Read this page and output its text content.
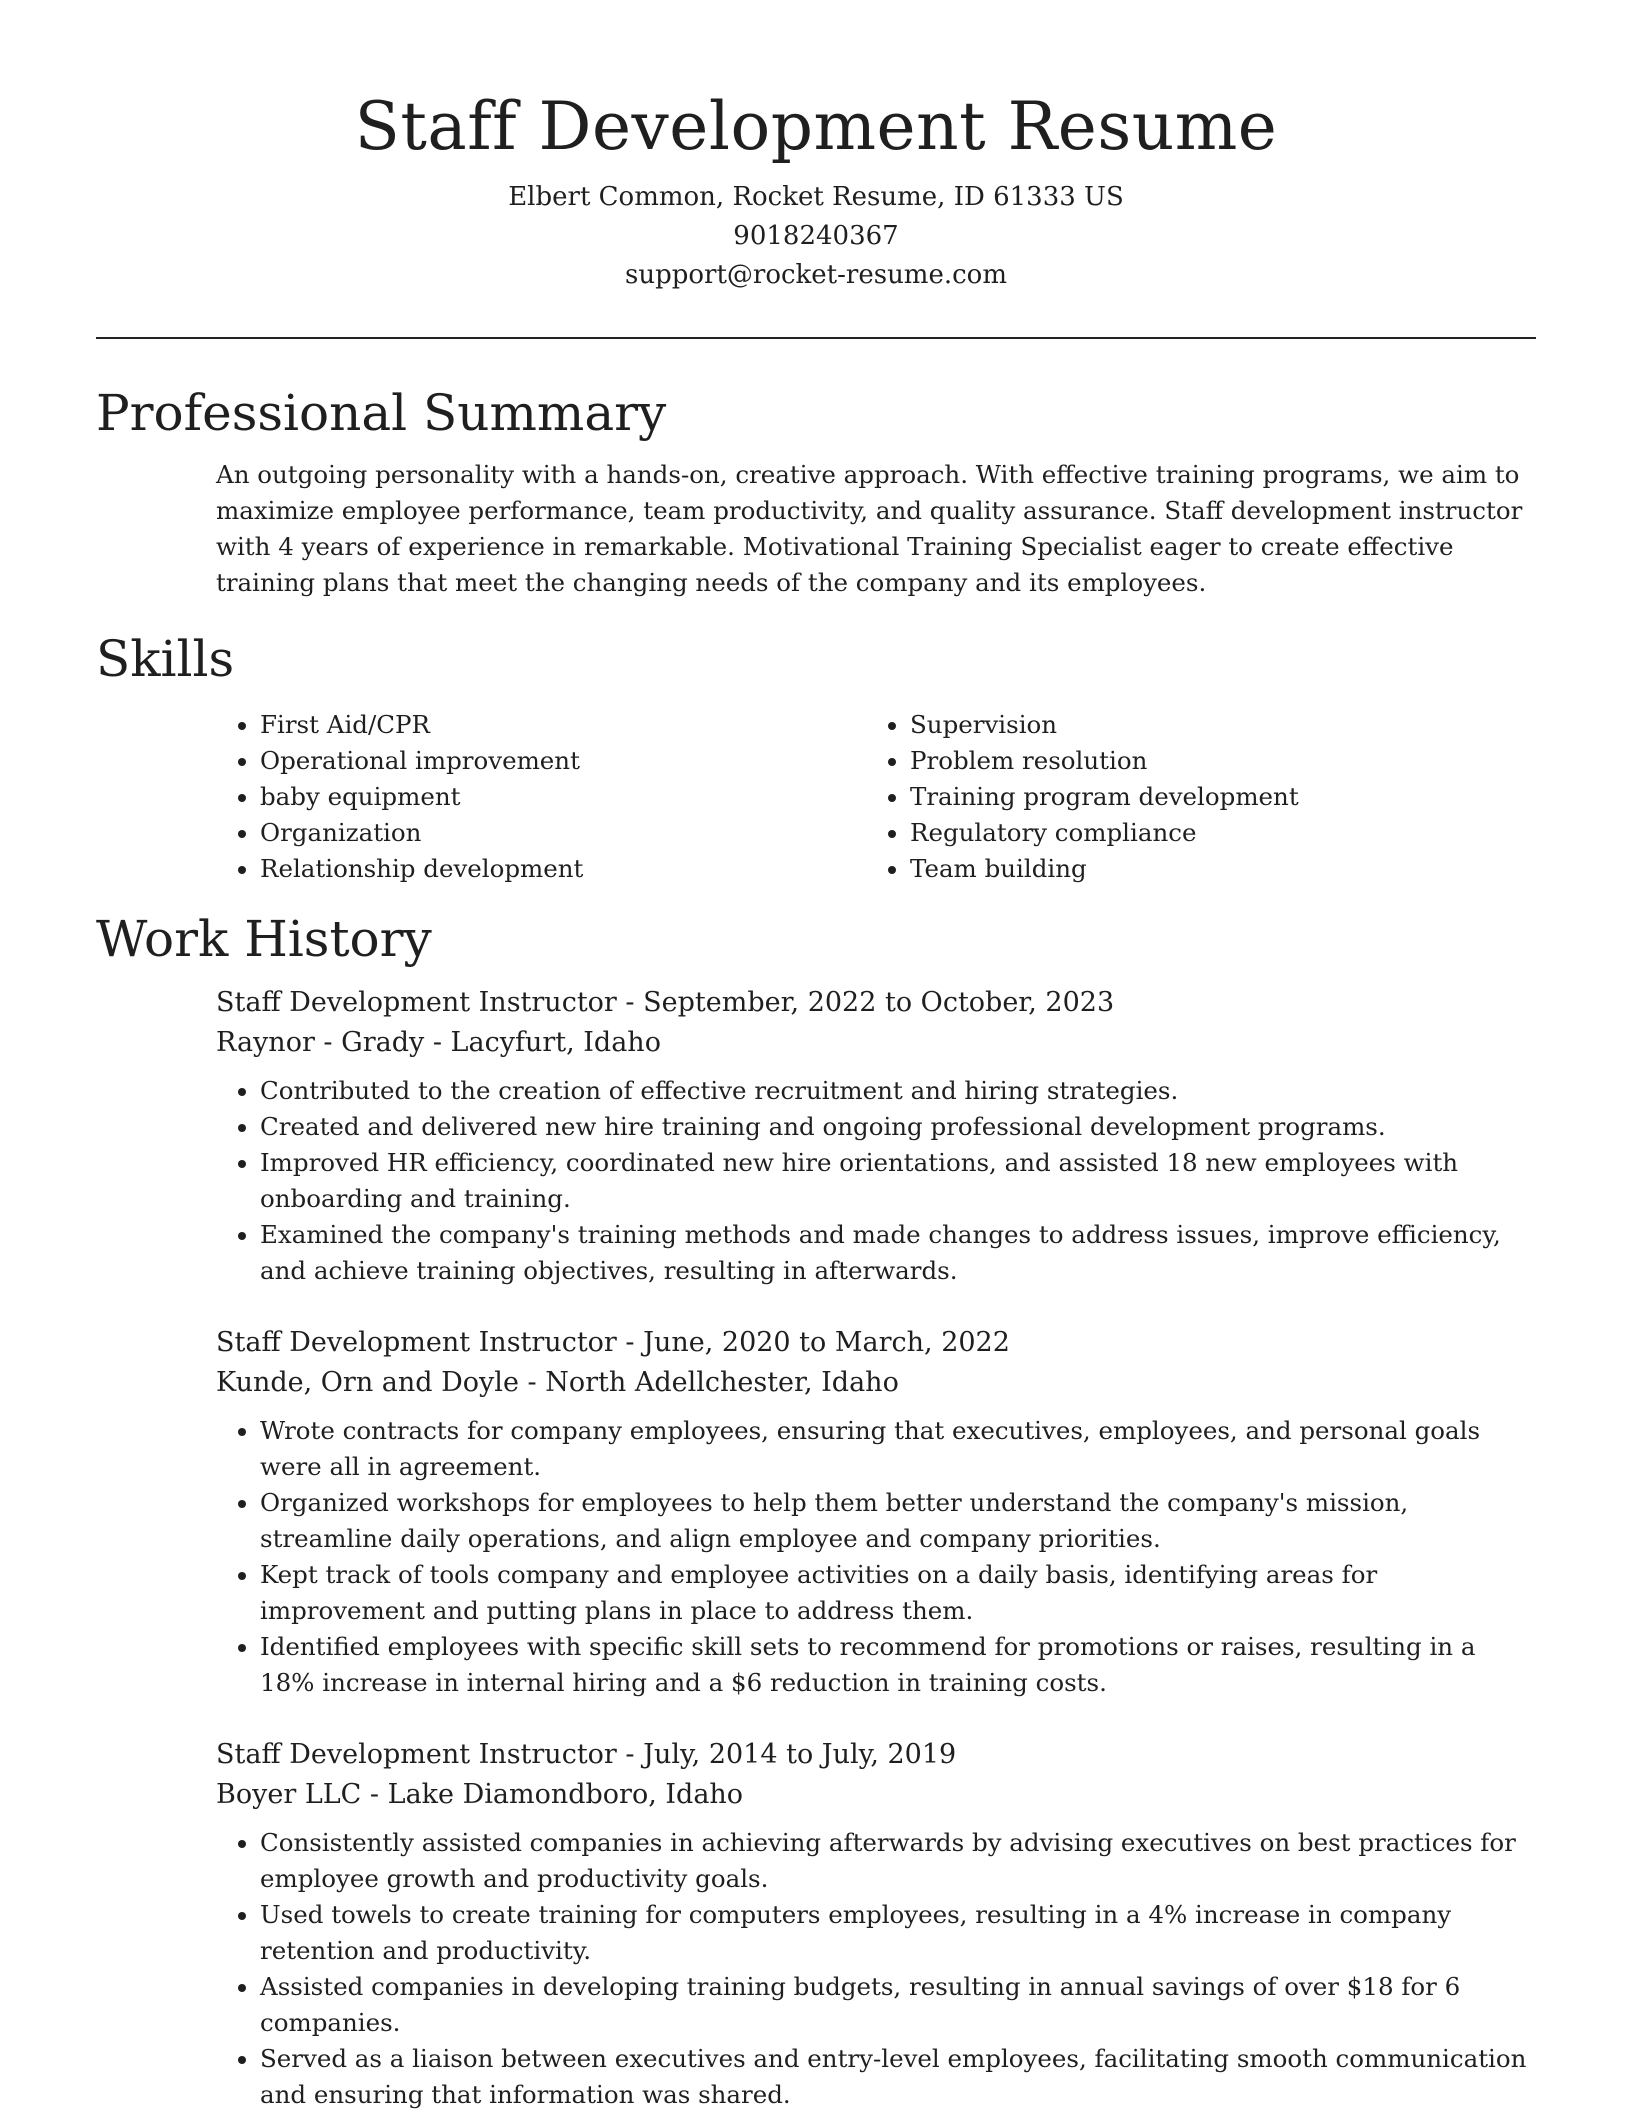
Staff Development Resume
Elbert Common, Rocket Resume, ID 61333 US
9018240367
support@rocket-resume.com
Professional Summary

An outgoing personality with a hands-on, creative approach. With effective training programs, we aim to maximize employee performance, team productivity, and quality assurance. Staff development instructor with 4 years of experience in remarkable. Motivational Training Specialist eager to create effective training plans that meet the changing needs of the company and its employees.

Skills
• First Aid/CPR
• Operational improvement
• baby equipment
• Organization
• Relationship development
• Supervision
• Problem resolution
• Training program development
• Regulatory compliance
• Team building
Work History
Staff Development Instructor - September, 2022 to October, 2023
Raynor - Grady - Lacyfurt, Idaho
• Contributed to the creation of effective recruitment and hiring strategies.
• Created and delivered new hire training and ongoing professional development programs.
• Improved HR efficiency, coordinated new hire orientations, and assisted 18 new employees with onboarding and training.
• Examined the company's training methods and made changes to address issues, improve efficiency, and achieve training objectives, resulting in afterwards.
Staff Development Instructor - June, 2020 to March, 2022
Kunde, Orn and Doyle - North Adellchester, Idaho
• Wrote contracts for company employees, ensuring that executives, employees, and personal goals were all in agreement.
• Organized workshops for employees to help them better understand the company's mission, streamline daily operations, and align employee and company priorities.
• Kept track of tools company and employee activities on a daily basis, identifying areas for improvement and putting plans in place to address them.
• Identified employees with specific skill sets to recommend for promotions or raises, resulting in a 18% increase in internal hiring and a $6 reduction in training costs.
Staff Development Instructor - July, 2014 to July, 2019
Boyer LLC - Lake Diamondboro, Idaho
• Consistently assisted companies in achieving afterwards by advising executives on best practices for employee growth and productivity goals.
• Used towels to create training for computers employees, resulting in a 4% increase in company retention and productivity.
• Assisted companies in developing training budgets, resulting in annual savings of over $18 for 6 companies.
• Served as a liaison between executives and entry-level employees, facilitating smooth communication and ensuring that information was shared.
